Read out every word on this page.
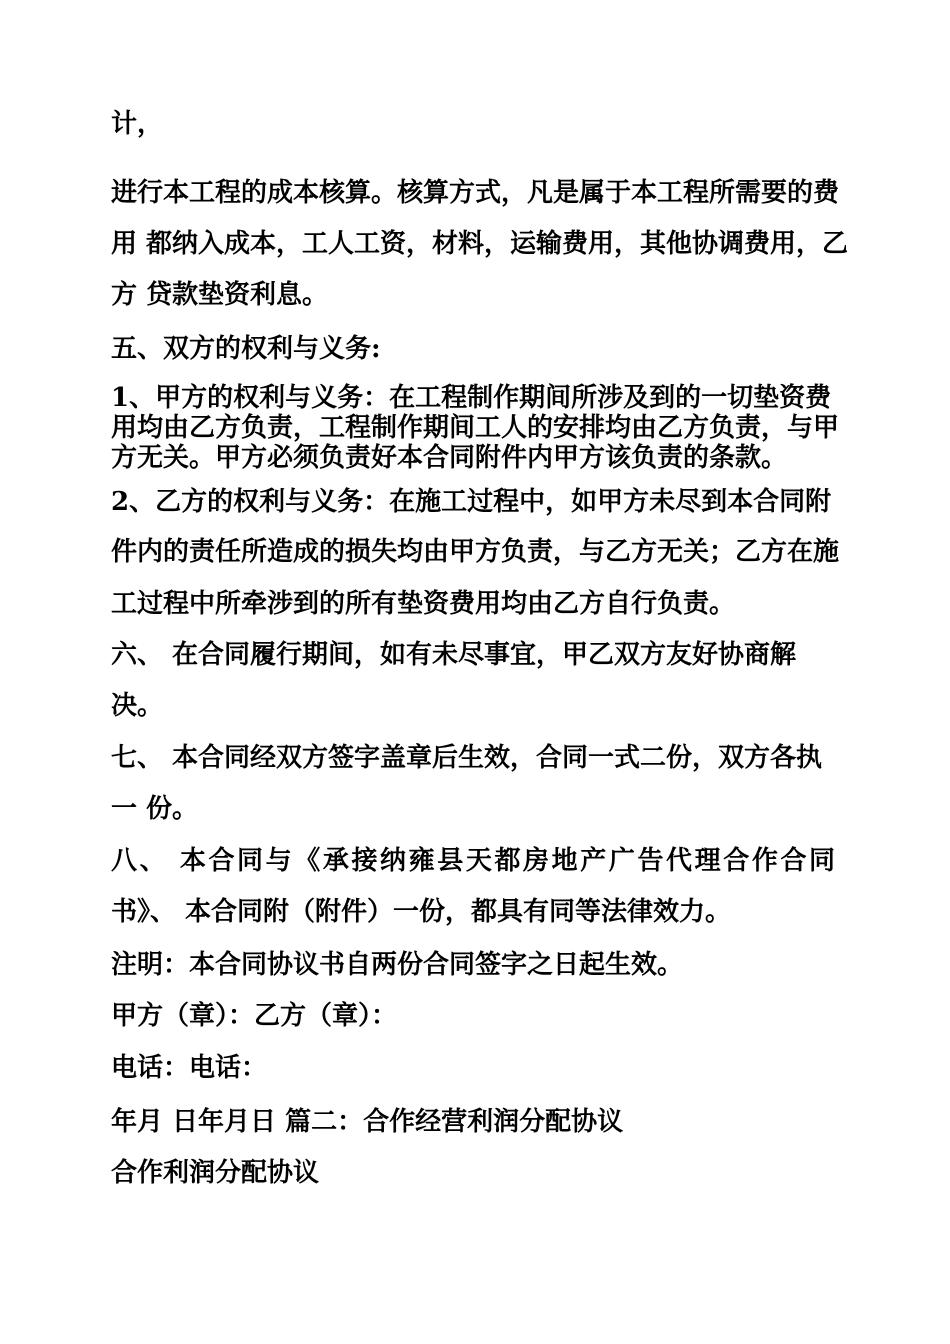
计，
进行本工程的成本核算。核算方式，凡是属于本工程所需要的费
用 都纳入成本，工人工资，材料，运输费用，其他协调费用，乙
方 贷款垫资利息。
五、双方的权利与义务:
1、甲方的权利与义务：在工程制作期间所涉及到的一切垫资费
用均由乙方负责，工程制作期间工人的安排均由乙方负责，与甲
方无关。甲方必须负责好本合同附件内甲方该负责的条款。
2、乙方的权利与义务：在施工过程中，如甲方未尽到本合同附
件内的责任所造成的损失均由甲方负责，与乙方无关；乙方在施
工过程中所牵涉到的所有垫资费用均由乙方自行负责。
六、 在合同履行期间，如有未尽事宜，甲乙双方友好协商解
决。
七、 本合同经双方签字盖章后生效，合同一式二份，双方各执
一 份。
八、 本合同与《承接纳雍县天都房地产广告代理合作合同
书》、 本合同附（附件）一份，都具有同等法律效力。
注明：本合同协议书自两份合同签字之日起生效。
甲方（章）：乙方（章）：
电话：电话：
年月 日年月日 篇二：合作经营利润分配协议
合作利润分配协议
